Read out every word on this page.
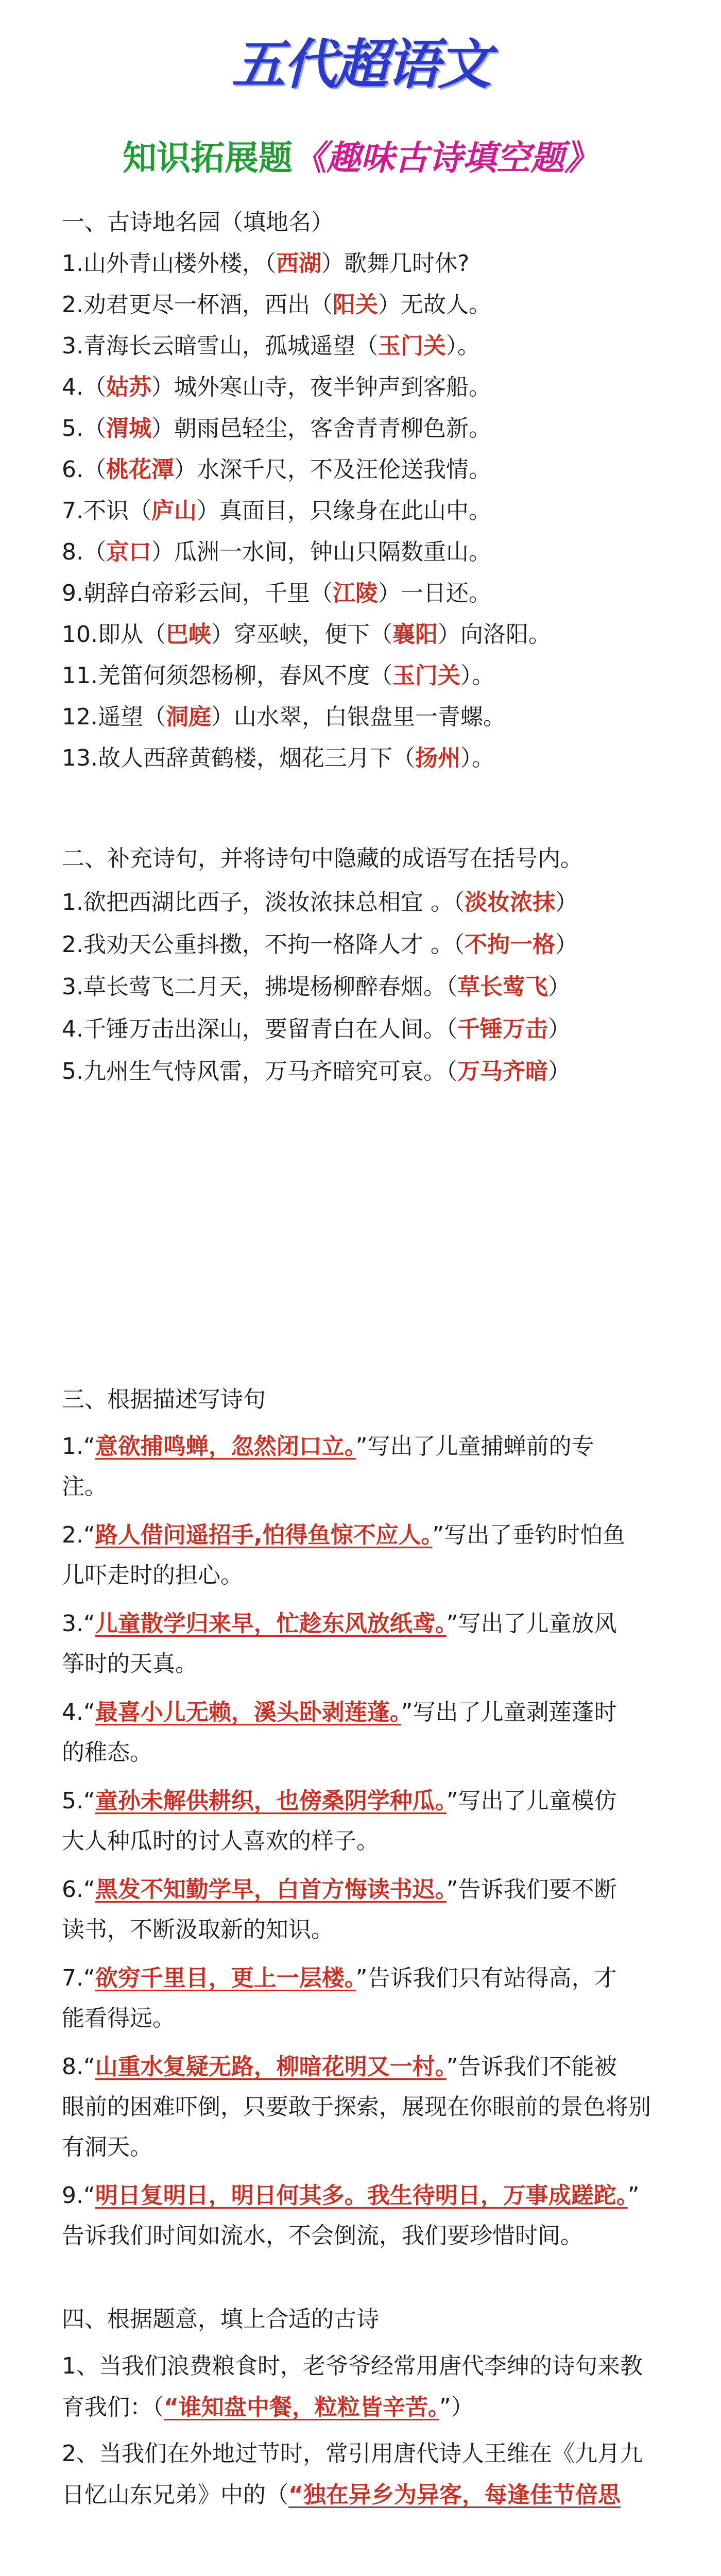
五代超语文
知识拓展题《趣味古诗填空题》
一、古诗地名园（填地名）
1.山外青山楼外楼，（西湖）歌舞几时休?
2.劝君更尽一杯酒，西出（阳关）无故人。
3.青海长云暗雪山，孤城遥望（玉门关）。
4.（姑苏）城外寒山寺，夜半钟声到客船。
5.（渭城）朝雨邑轻尘，客舍青青柳色新。
6.（桃花潭）水深千尺，不及汪伦送我情。
7.不识（庐山）真面目，只缘身在此山中。
8.（京口）瓜洲一水间，钟山只隔数重山。
9.朝辞白帝彩云间，千里（江陵）一日还。
10.即从（巴峡）穿巫峡，便下（襄阳）向洛阳。
11.羌笛何须怨杨柳，春风不度（玉门关）。
12.遥望（洞庭）山水翠，白银盘里一青螺。
13.故人西辞黄鹤楼，烟花三月下（扬州）。
二、补充诗句，并将诗句中隐藏的成语写在括号内。
1.欲把西湖比西子，淡妆浓抹总相宜 。（淡妆浓抹）
2.我劝天公重抖擞，不拘一格降人才 。（不拘一格）
3.草长莺飞二月天，拂堤杨柳醉春烟。（草长莺飞）
4.千锤万击出深山，要留青白在人间。（千锤万击）
5.九州生气恃风雷，万马齐暗究可哀。（万马齐暗）
三、根据描述写诗句
1.“意欲捕鸣蝉，忽然闭口立。”写出了儿童捕蝉前的专
注。
2.“路人借问遥招手,怕得鱼惊不应人。”写出了垂钓时怕鱼
儿吓走时的担心。
3.“儿童散学归来早，忙趁东风放纸鸢。”写出了儿童放风
筝时的天真。
4.“最喜小儿无赖，溪头卧剥莲蓬。”写出了儿童剥莲蓬时
的稚态。
5.“童孙未解供耕织，也傍桑阴学种瓜。”写出了儿童模仿
大人种瓜时的讨人喜欢的样子。
6.“黑发不知勤学早，白首方悔读书迟。”告诉我们要不断
读书，不断汲取新的知识。
7.“欲穷千里目，更上一层楼。”告诉我们只有站得高，才
能看得远。
8.“山重水复疑无路，柳暗花明又一村。”告诉我们不能被
眼前的困难吓倒，只要敢于探索，展现在你眼前的景色将别
有洞天。
9.“明日复明日，明日何其多。我生待明日，万事成蹉跎。”
告诉我们时间如流水，不会倒流，我们要珍惜时间。
四、根据题意，填上合适的古诗
1、当我们浪费粮食时，老爷爷经常用唐代李绅的诗句来教
育我们：（“谁知盘中餐，粒粒皆辛苦。”）
2、当我们在外地过节时，常引用唐代诗人王维在《九月九
日忆山东兄弟》中的（“独在异乡为异客，每逢佳节倍思
